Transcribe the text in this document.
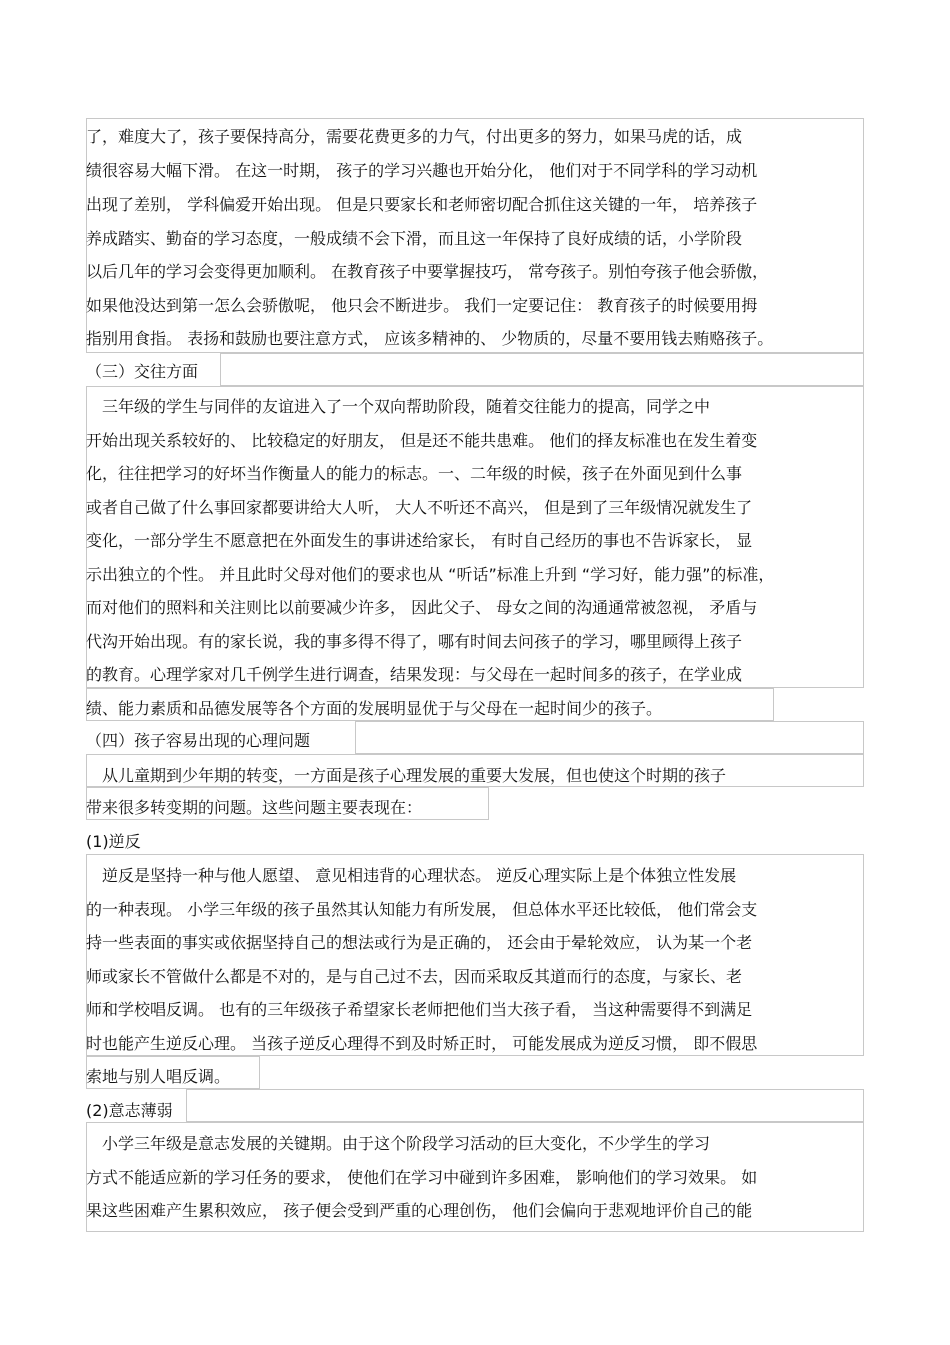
了，难度大了，孩子要保持高分，需要花费更多的力气，付出更多的努力，如果马虎的话，成
绩很容易大幅下滑。 在这一时期， 孩子的学习兴趣也开始分化， 他们对于不同学科的学习动机
出现了差别， 学科偏爱开始出现。 但是只要家长和老师密切配合抓住这关键的一年， 培养孩子
养成踏实、勤奋的学习态度，一般成绩不会下滑，而且这一年保持了良好成绩的话，小学阶段
以后几年的学习会变得更加顺利。 在教育孩子中要掌握技巧， 常夸孩子。别怕夸孩子他会骄傲，
如果他没达到第一怎么会骄傲呢， 他只会不断进步。 我们一定要记住： 教育孩子的时候要用拇
指别用食指。 表扬和鼓励也要注意方式， 应该多精神的、 少物质的，尽量不要用钱去贿赂孩子。
（三）交往方面
　三年级的学生与同伴的友谊进入了一个双向帮助阶段，随着交往能力的提高，同学之中
开始出现关系较好的、 比较稳定的好朋友， 但是还不能共患难。 他们的择友标准也在发生着变
化，往往把学习的好坏当作衡量人的能力的标志。一、二年级的时候，孩子在外面见到什么事
或者自己做了什么事回家都要讲给大人听， 大人不听还不高兴， 但是到了三年级情况就发生了
变化，一部分学生不愿意把在外面发生的事讲述给家长， 有时自己经历的事也不告诉家长， 显
示出独立的个性。 并且此时父母对他们的要求也从 “听话”标准上升到 “学习好，能力强”的标准，
而对他们的照料和关注则比以前要减少许多， 因此父子、 母女之间的沟通通常被忽视， 矛盾与
代沟开始出现。有的家长说，我的事多得不得了，哪有时间去问孩子的学习，哪里顾得上孩子
的教育。心理学家对几千例学生进行调查，结果发现：与父母在一起时间多的孩子，在学业成
绩、能力素质和品德发展等各个方面的发展明显优于与父母在一起时间少的孩子。
（四）孩子容易出现的心理问题
　从儿童期到少年期的转变，一方面是孩子心理发展的重要大发展，但也使这个时期的孩子
带来很多转变期的问题。这些问题主要表现在：
(1)逆反
　逆反是坚持一种与他人愿望、 意见相违背的心理状态。 逆反心理实际上是个体独立性发展
的一种表现。 小学三年级的孩子虽然其认知能力有所发展， 但总体水平还比较低， 他们常会支
持一些表面的事实或依据坚持自己的想法或行为是正确的， 还会由于晕轮效应， 认为某一个老
师或家长不管做什么都是不对的，是与自己过不去，因而采取反其道而行的态度，与家长、老
师和学校唱反调。 也有的三年级孩子希望家长老师把他们当大孩子看， 当这种需要得不到满足
时也能产生逆反心理。 当孩子逆反心理得不到及时矫正时， 可能发展成为逆反习惯， 即不假思
索地与别人唱反调。
(2)意志薄弱
　小学三年级是意志发展的关键期。由于这个阶段学习活动的巨大变化，不少学生的学习
方式不能适应新的学习任务的要求， 使他们在学习中碰到许多困难， 影响他们的学习效果。 如
果这些困难产生累积效应， 孩子便会受到严重的心理创伤， 他们会偏向于悲观地评价自己的能
